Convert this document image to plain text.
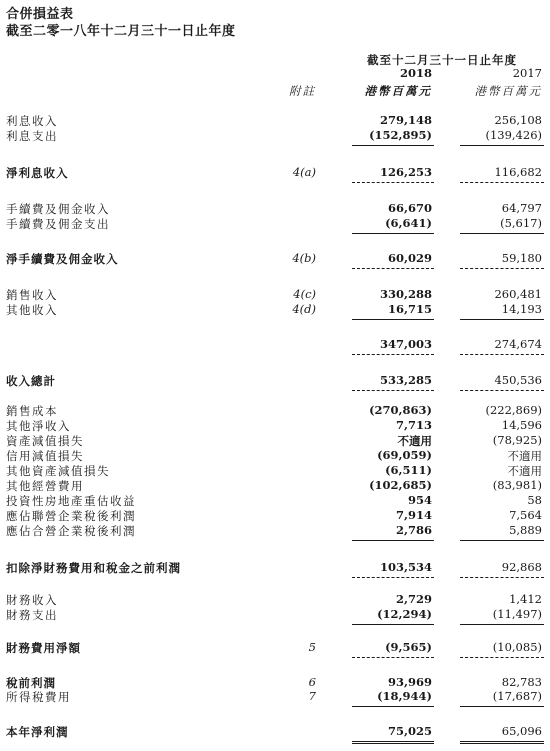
合併損益表
截至二零一八年十二月三十一日止年度
截至十二月三十一日止年度
2018	2017
附註	港幣百萬元	港幣百萬元
利息收入	279,148	256,108
利息支出	(152,895)	(139,426)
淨利息收入	4(a)	126,253	116,682
手續費及佣金收入	66,670	64,797
手續費及佣金支出	(6,641)	(5,617)
淨手續費及佣金收入	4(b)	60,029	59,180
銷售收入	4(c)	330,288	260,481
其他收入	4(d)	16,715	14,193
347,003	274,674
收入總計	533,285	450,536
銷售成本	(270,863)	(222,869)
其他淨收入	7,713	14,596
資產減值損失	不適用	(78,925)
信用減值損失	(69,059)	不適用
其他資產減值損失	(6,511)	不適用
其他經營費用	(102,685)	(83,981)
投資性房地產重估收益	954	58
應佔聯營企業稅後利潤	7,914	7,564
應佔合營企業稅後利潤	2,786	5,889
扣除淨財務費用和稅金之前利潤	103,534	92,868
財務收入	2,729	1,412
財務支出	(12,294)	(11,497)
財務費用淨額	5	(9,565)	(10,085)
稅前利潤	6	93,969	82,783
所得稅費用	7	(18,944)	(17,687)
本年淨利潤	75,025	65,096
